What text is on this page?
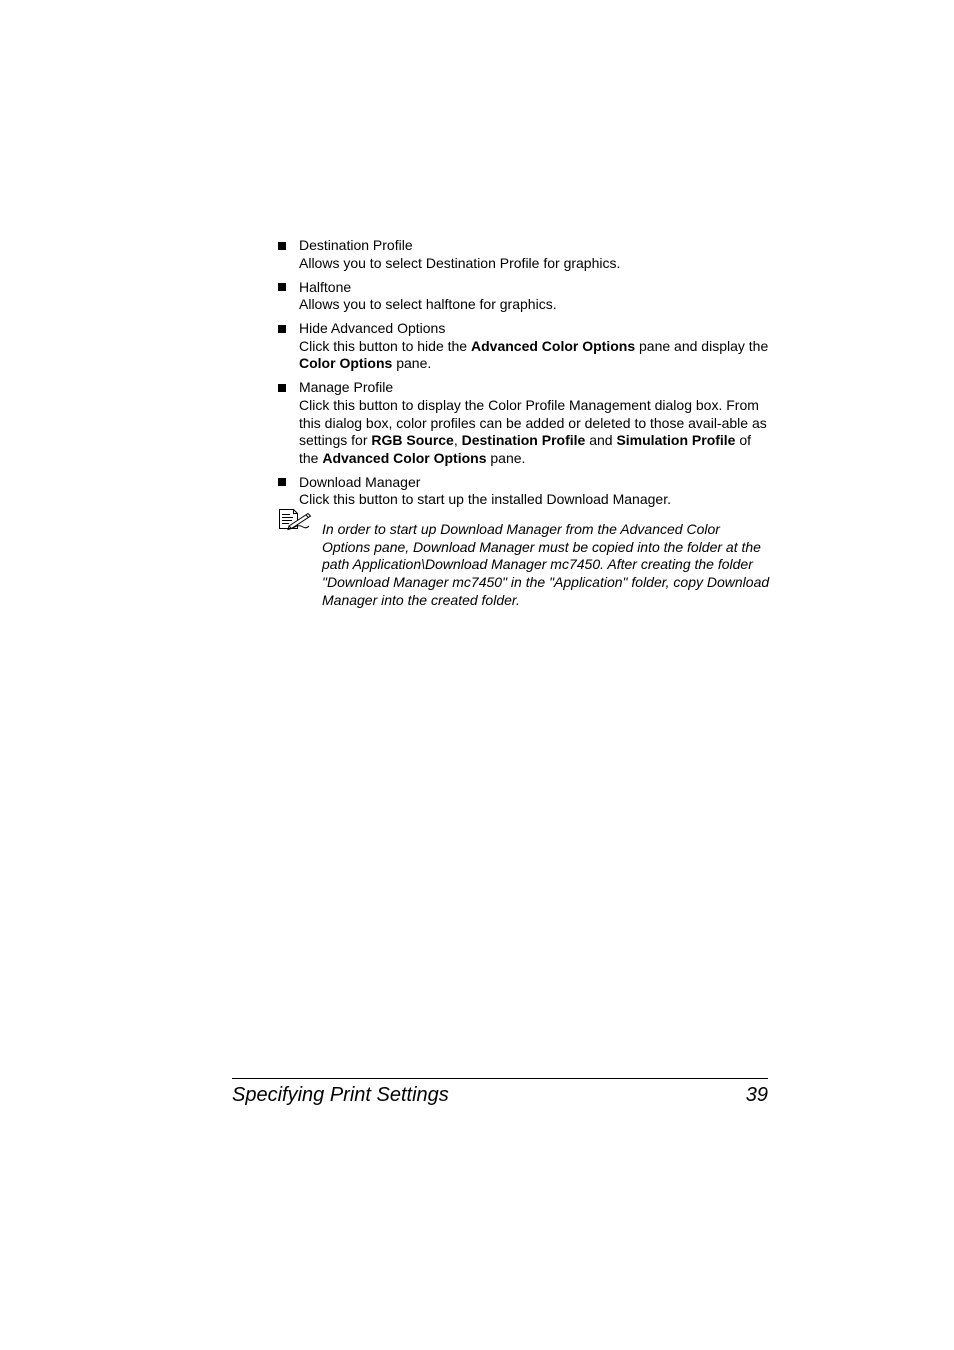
Destination Profile
Allows you to select Destination Profile for graphics.
Halftone
Allows you to select halftone for graphics.
Hide Advanced Options
Click this button to hide the Advanced Color Options pane and display the Color Options pane.
Manage Profile
Click this button to display the Color Profile Management dialog box. From this dialog box, color profiles can be added or deleted to those avail-able as settings for RGB Source, Destination Profile and Simulation Profile of the Advanced Color Options pane.
Download Manager
Click this button to start up the installed Download Manager.
In order to start up Download Manager from the Advanced Color Options pane, Download Manager must be copied into the folder at the path Application\Download Manager mc7450. After creating the folder "Download Manager mc7450" in the "Application" folder, copy Download Manager into the created folder.
Specifying Print Settings	39
